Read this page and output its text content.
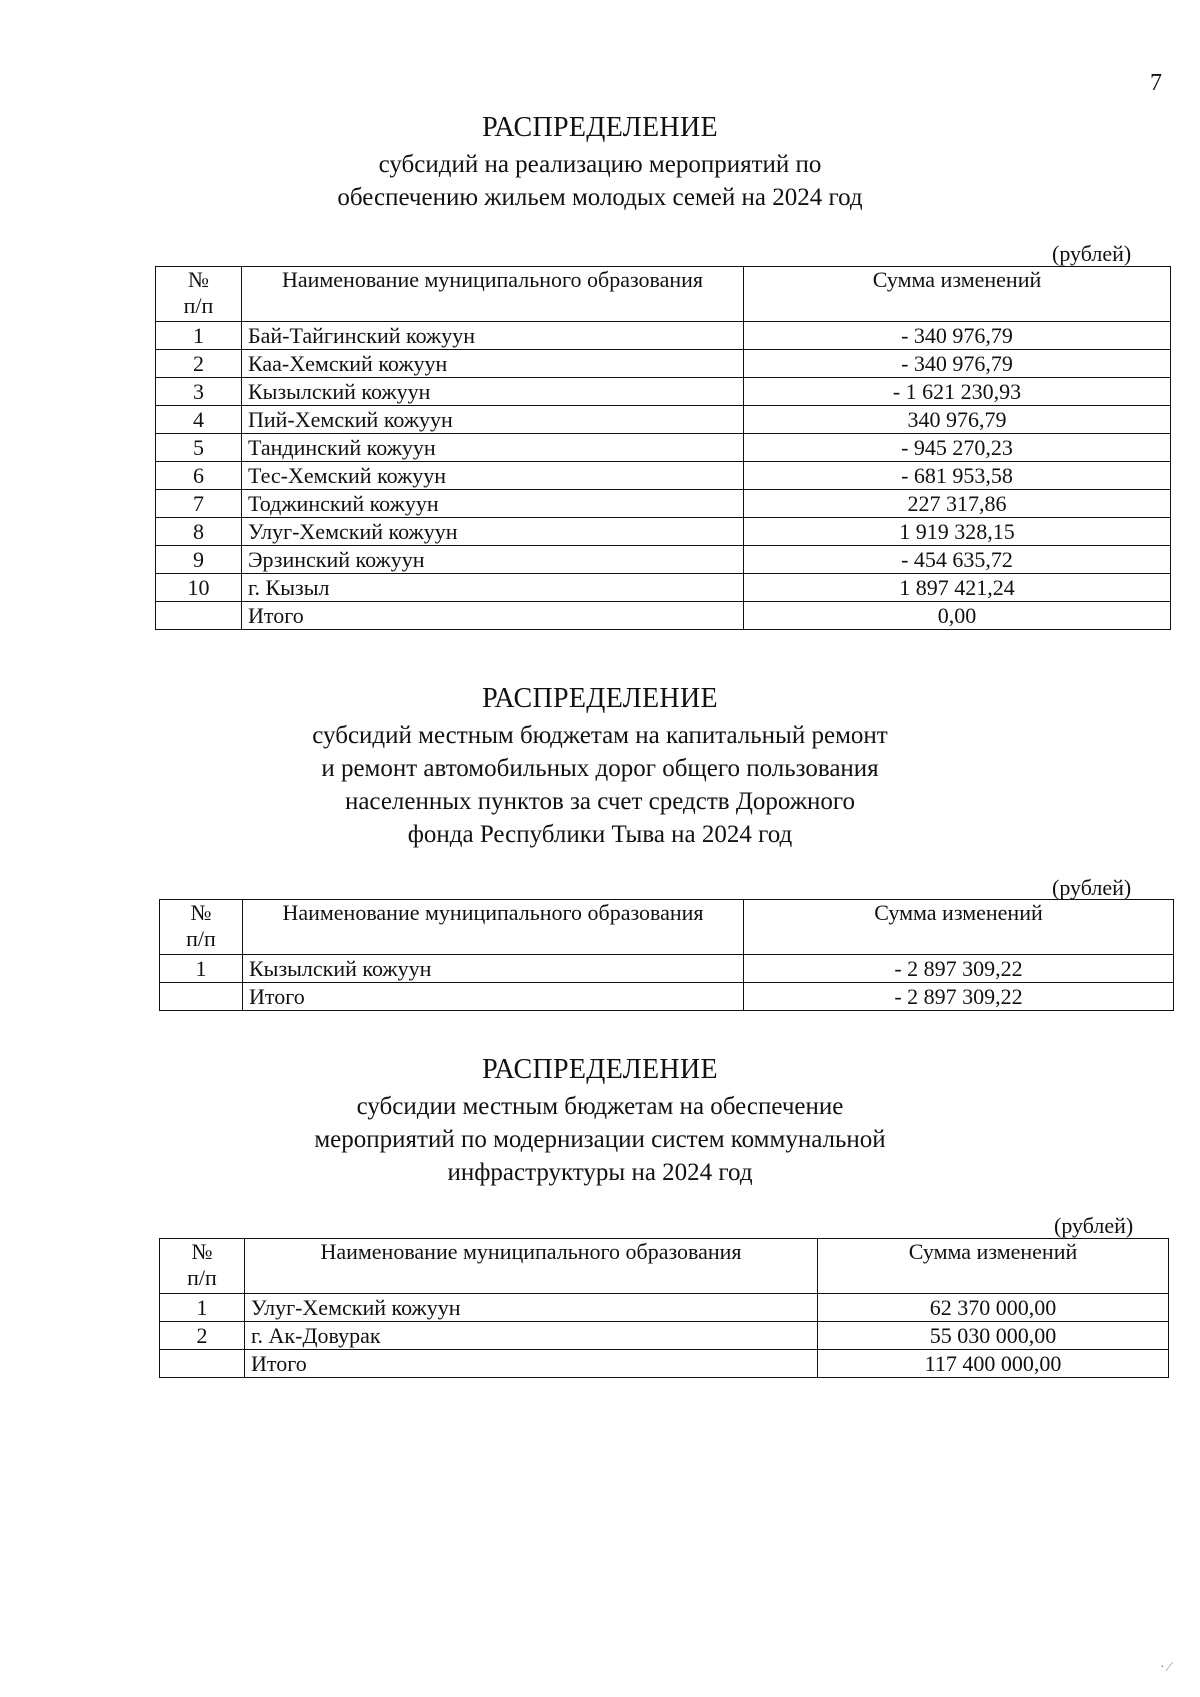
7
РАСПРЕДЕЛЕНИЕ
субсидий на реализацию мероприятий по
обеспечению жильем молодых семей на 2024 год
(рублей)
№
п/п	Наименование муниципального образования	Сумма изменений
1	Бай-Тайгинский кожуун	- 340 976,79
2	Каа-Хемский кожуун	- 340 976,79
3	Кызылский кожуун	- 1 621 230,93
4	Пий-Хемский кожуун	340 976,79
5	Тандинский кожуун	- 945 270,23
6	Тес-Хемский кожуун	- 681 953,58
7	Тоджинский кожуун	227 317,86
8	Улуг-Хемский кожуун	1 919 328,15
9	Эрзинский кожуун	- 454 635,72
10	г. Кызыл	1 897 421,24
	Итого	0,00
РАСПРЕДЕЛЕНИЕ
субсидий местным бюджетам на капитальный ремонт
и ремонт автомобильных дорог общего пользования
населенных пунктов за счет средств Дорожного
фонда Республики Тыва на 2024 год
(рублей)
№
п/п	Наименование муниципального образования	Сумма изменений
1	Кызылский кожуун	- 2 897 309,22
	Итого	- 2 897 309,22
РАСПРЕДЕЛЕНИЕ
субсидии местным бюджетам на обеспечение
мероприятий по модернизации систем коммунальной
инфраструктуры на 2024 год
(рублей)
№
п/п	Наименование муниципального образования	Сумма изменений
1	Улуг-Хемский кожуун	62 370 000,00
2	г. Ак-Довурак	55 030 000,00
	Итого	117 400 000,00
· ⁄
